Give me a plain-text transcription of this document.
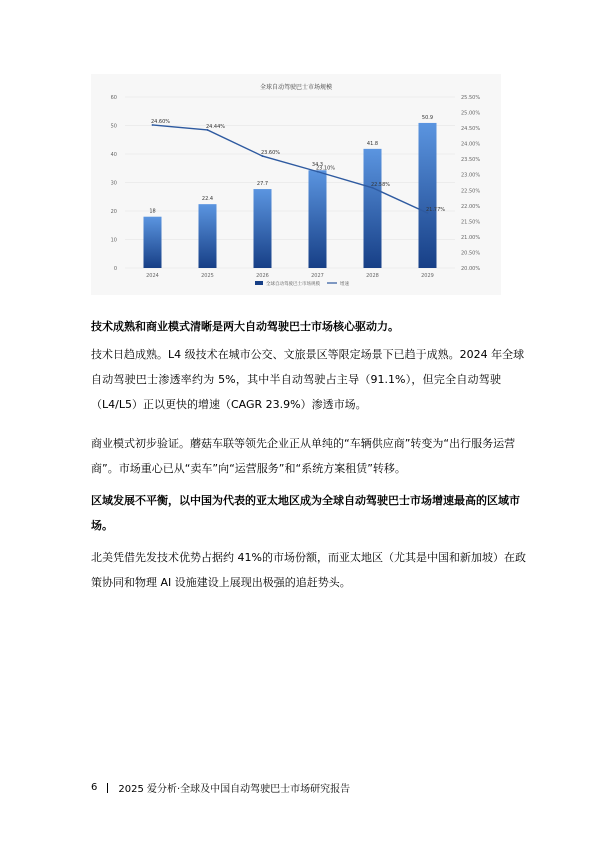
全球自动驾驶巴士市场规模
0
10
20
30
40
50
60
20.00%
20.50%
21.00%
21.50%
22.00%
22.50%
23.00%
23.50%
24.00%
24.50%
25.00%
25.50%
18
2024
22.4
2025
27.7
2026
34.3
2027
41.8
2028
50.9
2029
24.60%
24.44%
23.60%
23.10%
22.58%
21.77%
全球自动驾驶巴士市场规模	增速

技术成熟和商业模式清晰是两大自动驾驶巴士市场核心驱动力。

技术日趋成熟。L4 级技术在城市公交、文旅景区等限定场景下已趋于成熟。2024 年全球
自动驾驶巴士渗透率约为 5%，其中半自动驾驶占主导（91.1%），但完全自动驾驶
（L4/L5）正以更快的增速（CAGR 23.9%）渗透市场。

商业模式初步验证。蘑菇车联等领先企业正从单纯的“车辆供应商”转变为“出行服务运营
商”。市场重心已从“卖车”向“运营服务”和“系统方案租赁”转移。

区域发展不平衡，以中国为代表的亚太地区成为全球自动驾驶巴士市场增速最高的区域市
场。

北美凭借先发技术优势占据约 41%的市场份额，而亚太地区（尤其是中国和新加坡）在政
策协同和物理 AI 设施建设上展现出极强的追赶势头。

6 2025 爱分析·全球及中国自动驾驶巴士市场研究报告
